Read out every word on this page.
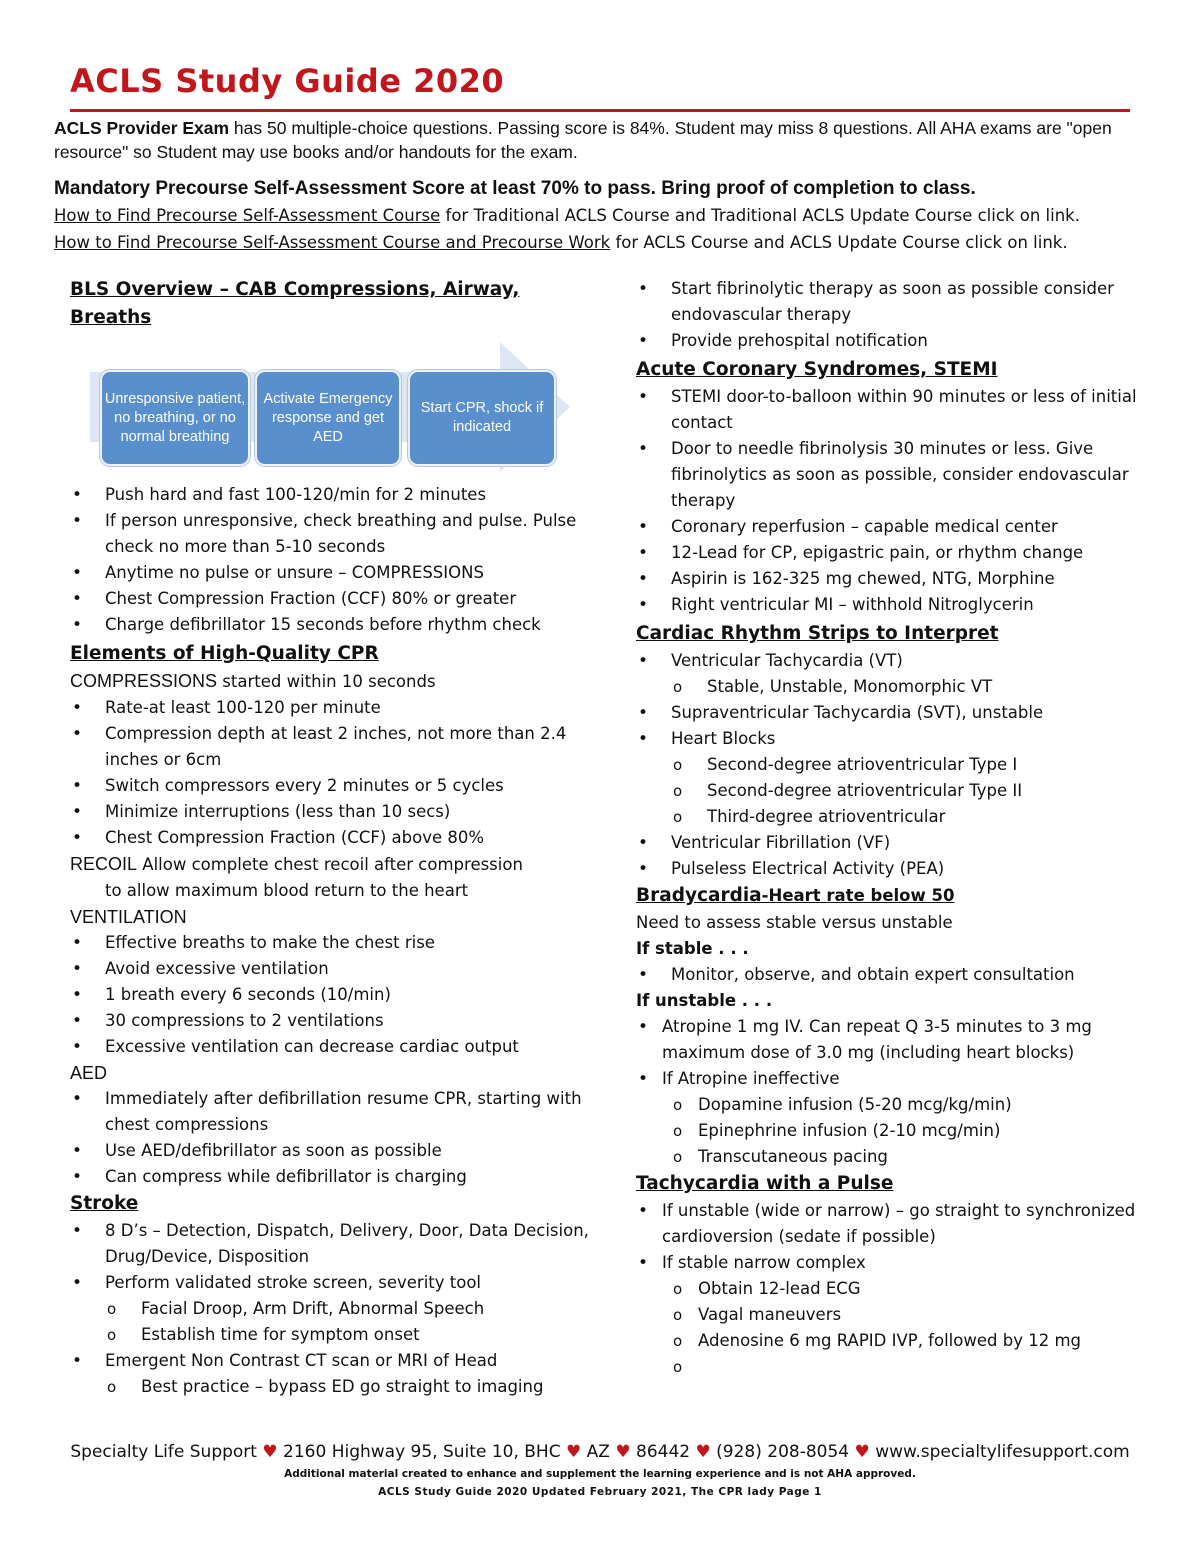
ACLS Study Guide 2020
ACLS Provider Exam has 50 multiple-choice questions. Passing score is 84%. Student may miss 8 questions. All AHA exams are "open resource" so Student may use books and/or handouts for the exam.
Mandatory Precourse Self-Assessment Score at least 70% to pass. Bring proof of completion to class.
How to Find Precourse Self-Assessment Course for Traditional ACLS Course and Traditional ACLS Update Course click on link.
How to Find Precourse Self-Assessment Course and Precourse Work for ACLS Course and ACLS Update Course click on link.
BLS Overview – CAB Compressions, Airway, Breaths
Unresponsive patient, no breathing, or no normal breathing
Activate Emergency response and get AED
Start CPR, shock if indicated
• Push hard and fast 100-120/min for 2 minutes
• If person unresponsive, check breathing and pulse. Pulse check no more than 5-10 seconds
• Anytime no pulse or unsure – COMPRESSIONS
• Chest Compression Fraction (CCF) 80% or greater
• Charge defibrillator 15 seconds before rhythm check
Elements of High-Quality CPR
COMPRESSIONS started within 10 seconds
• Rate-at least 100-120 per minute
• Compression depth at least 2 inches, not more than 2.4 inches or 6cm
• Switch compressors every 2 minutes or 5 cycles
• Minimize interruptions (less than 10 secs)
• Chest Compression Fraction (CCF) above 80%
RECOIL Allow complete chest recoil after compression
to allow maximum blood return to the heart
VENTILATION
• Effective breaths to make the chest rise
• Avoid excessive ventilation
• 1 breath every 6 seconds (10/min)
• 30 compressions to 2 ventilations
• Excessive ventilation can decrease cardiac output
AED
• Immediately after defibrillation resume CPR, starting with chest compressions
• Use AED/defibrillator as soon as possible
• Can compress while defibrillator is charging
Stroke
• 8 D’s – Detection, Dispatch, Delivery, Door, Data Decision, Drug/Device, Disposition
• Perform validated stroke screen, severity tool
o Facial Droop, Arm Drift, Abnormal Speech
o Establish time for symptom onset
• Emergent Non Contrast CT scan or MRI of Head
o Best practice – bypass ED go straight to imaging
• Start fibrinolytic therapy as soon as possible consider endovascular therapy
• Provide prehospital notification
Acute Coronary Syndromes, STEMI
• STEMI door-to-balloon within 90 minutes or less of initial contact
• Door to needle fibrinolysis 30 minutes or less. Give fibrinolytics as soon as possible, consider endovascular therapy
• Coronary reperfusion – capable medical center
• 12-Lead for CP, epigastric pain, or rhythm change
• Aspirin is 162-325 mg chewed, NTG, Morphine
• Right ventricular MI – withhold Nitroglycerin
Cardiac Rhythm Strips to Interpret
• Ventricular Tachycardia (VT)
o Stable, Unstable, Monomorphic VT
• Supraventricular Tachycardia (SVT), unstable
• Heart Blocks
o Second-degree atrioventricular Type I
o Second-degree atrioventricular Type II
o Third-degree atrioventricular
• Ventricular Fibrillation (VF)
• Pulseless Electrical Activity (PEA)
Bradycardia-Heart rate below 50
Need to assess stable versus unstable
If stable . . .
• Monitor, observe, and obtain expert consultation
If unstable . . .
• Atropine 1 mg IV. Can repeat Q 3-5 minutes to 3 mg maximum dose of 3.0 mg (including heart blocks)
• If Atropine ineffective
o Dopamine infusion (5-20 mcg/kg/min)
o Epinephrine infusion (2-10 mcg/min)
o Transcutaneous pacing
Tachycardia with a Pulse
• If unstable (wide or narrow) – go straight to synchronized cardioversion (sedate if possible)
• If stable narrow complex
o Obtain 12-lead ECG
o Vagal maneuvers
o Adenosine 6 mg RAPID IVP, followed by 12 mg
o
Specialty Life Support ♥ 2160 Highway 95, Suite 10, BHC ♥ AZ ♥ 86442 ♥ (928) 208-8054 ♥ www.specialtylifesupport.com
Additional material created to enhance and supplement the learning experience and is not AHA approved.
ACLS Study Guide 2020 Updated February 2021, The CPR lady Page 1
